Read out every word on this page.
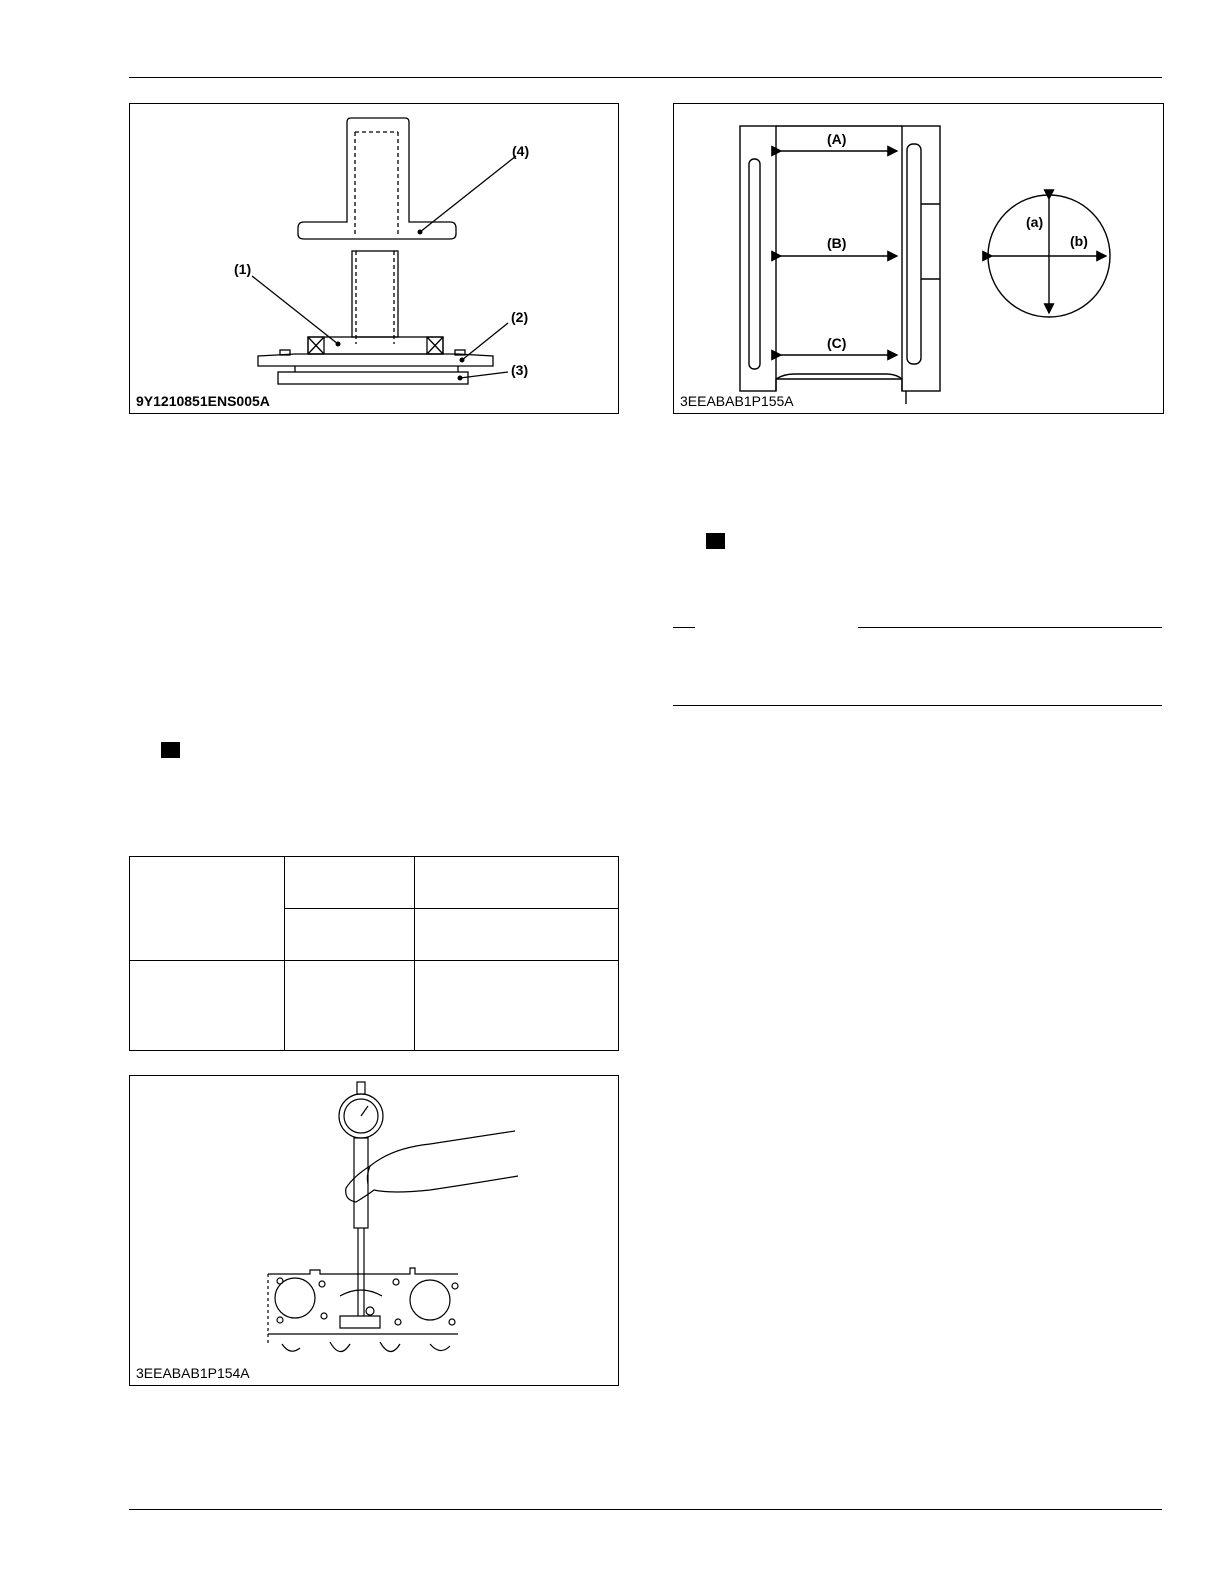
(4)
(1)
(2)
(3)
9Y1210851ENS005A
(A)
(B)
(C)
(a)
(b)
3EEABAB1P155A

3EEABAB1P154A
